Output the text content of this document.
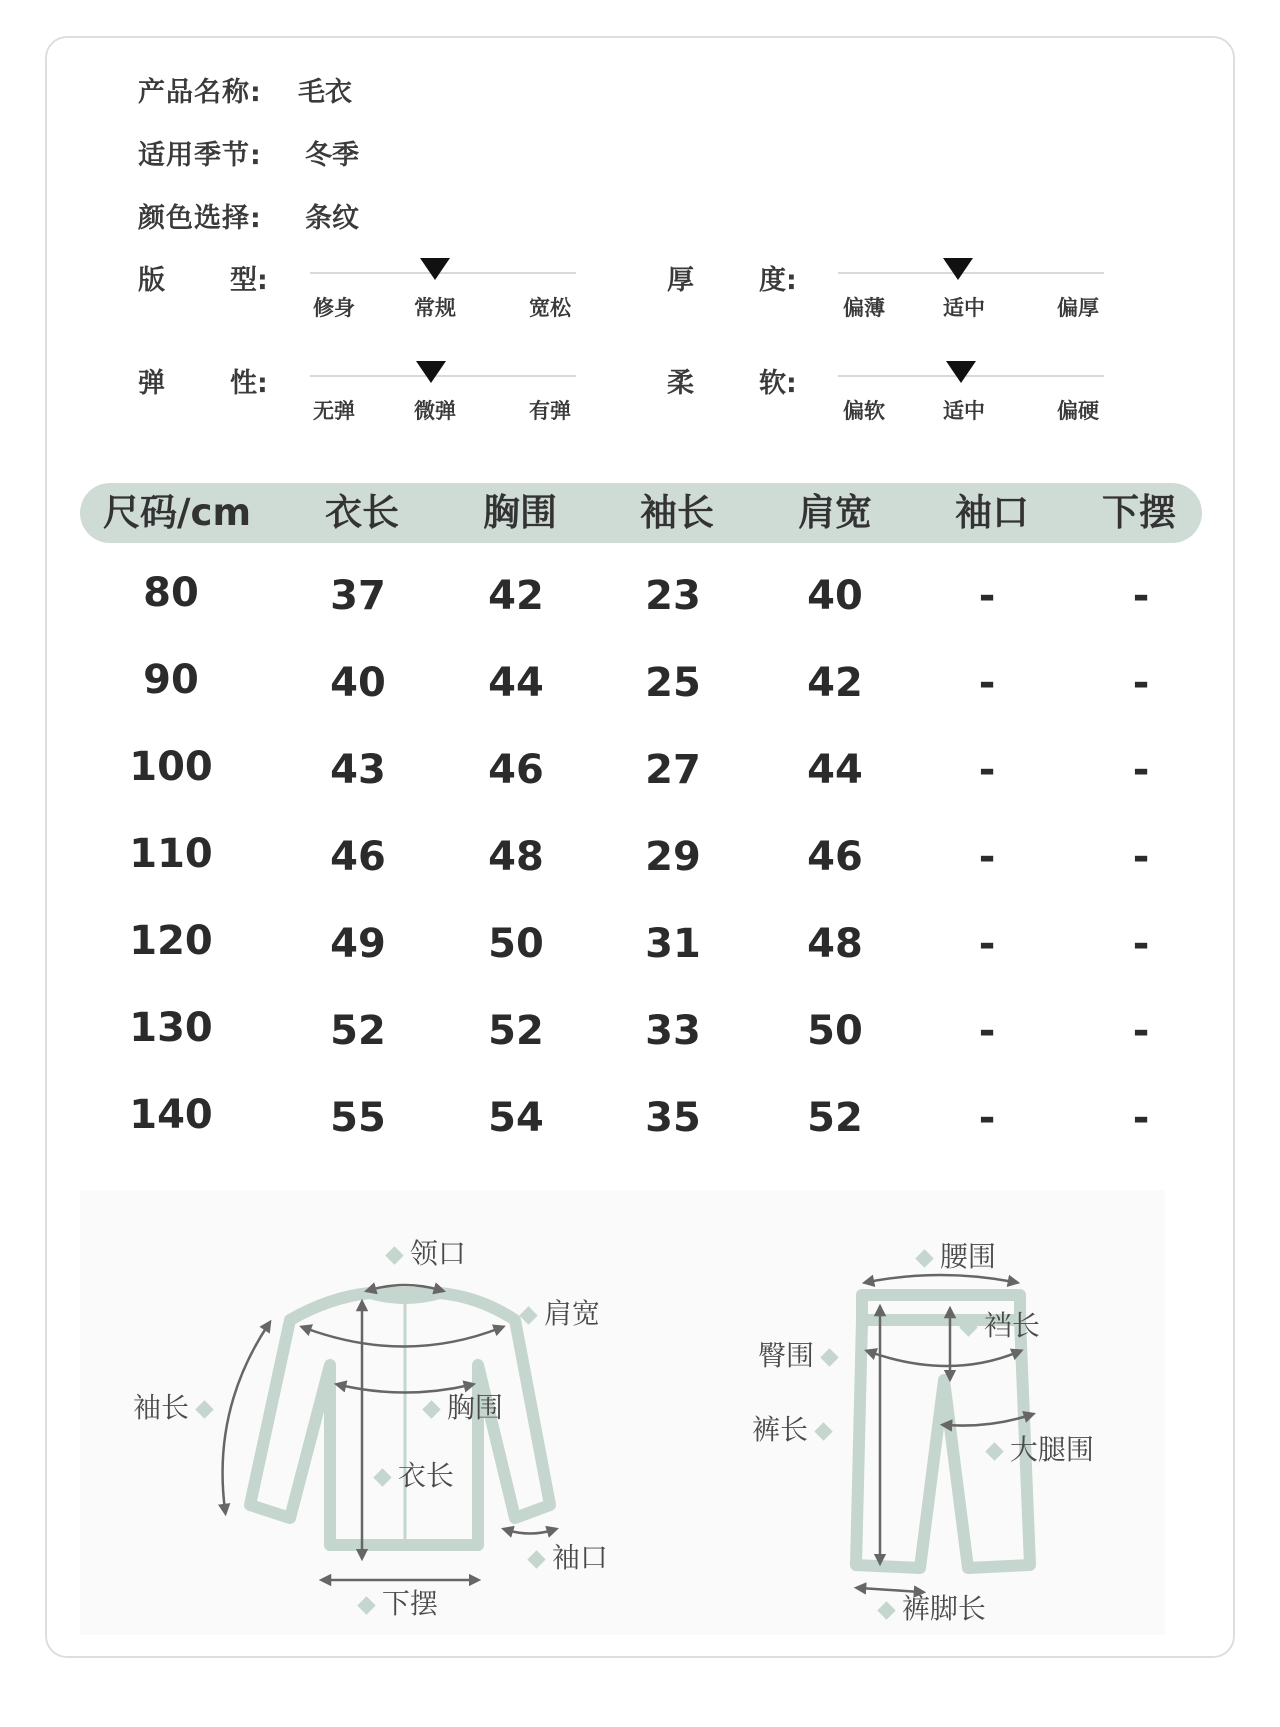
产品名称: 毛衣
适用季节: 冬季
颜色选择: 条纹
版 型:
修身	常规	宽松
厚 度:
偏薄	适中	偏厚
弹 性:
无弹	微弹	有弹
柔 软:
偏软	适中	偏硬
尺码/cm 衣长 胸围 袖长 肩宽 袖口 下摆
80	37	42	23	40	-	-
90	40	44	25	42	-	-
100	43	46	27	44	-	-
110	46	48	29	46	-	-
120	49	50	31	48	-	-
130	52	52	33	50	-	-
140	55	54	35	52	-	-
领口
肩宽
袖长	胸围
衣长
袖口
下摆
腰围
裆长
臀围
裤长
大腿围
裤脚长
